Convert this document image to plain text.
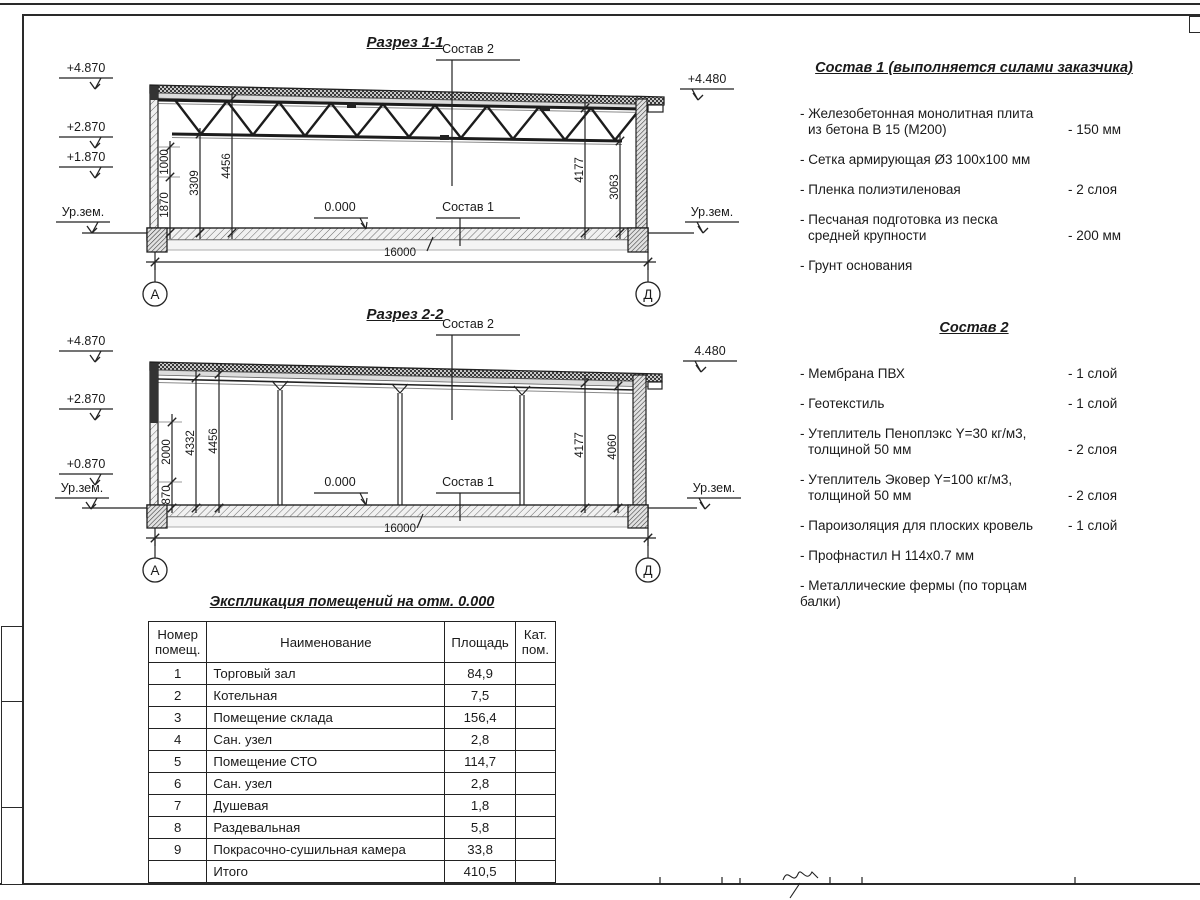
Разрез 1-1
Разрез 2-2
+4.870
+2.870
+1.870
Ур.зем.
+4.480
Ур.зем.
1000
1870
3309
4456	4177
3063
Состав 2
Состав 1
0.000
16000
А	Д
+4.870
+2.870
+0.870
Ур.зем.
4.480
Ур.зем.
2000
870
4332 4456	4177 4060
Состав 2
Состав 1
0.000
16000
А	Д
Состав 1 (выполняется силами заказчика)
- Железобетонная монолитная плита
из бетона В 15 (М200)	- 150 мм
- Сетка армирующая Ø3 100х100 мм
- Пленка полиэтиленовая	- 2 слоя
- Песчаная подготовка из песка
средней крупности	- 200 мм
- Грунт основания
Состав 2
- Мембрана ПВХ	- 1 слой
- Геотекстиль	- 1 слой
- Утеплитель Пеноплэкс Y=30 кг/м3,
толщиной 50 мм	- 2 слоя
- Утеплитель Эковер Y=100 кг/м3,
толщиной 50 мм	- 2 слоя
- Пароизоляция для плоских кровель	- 1 слой
- Профнастил Н 114х0.7 мм
- Металлические фермы (по торцам балки)
Экспликация помещений на отм. 0.000
Номер
помещ.	Наименование	Площадь	Кат.
пом.

1	Торговый зал	84,9	
2	Котельная	7,5	
3	Помещение склада	156,4	
4	Сан. узел	2,8	
5	Помещение СТО	114,7	
6	Сан. узел	2,8	
7	Душевая	1,8	
8	Раздевальная	5,8	
9	Покрасочно-сушильная камера	33,8	
	Итого	410,5	
